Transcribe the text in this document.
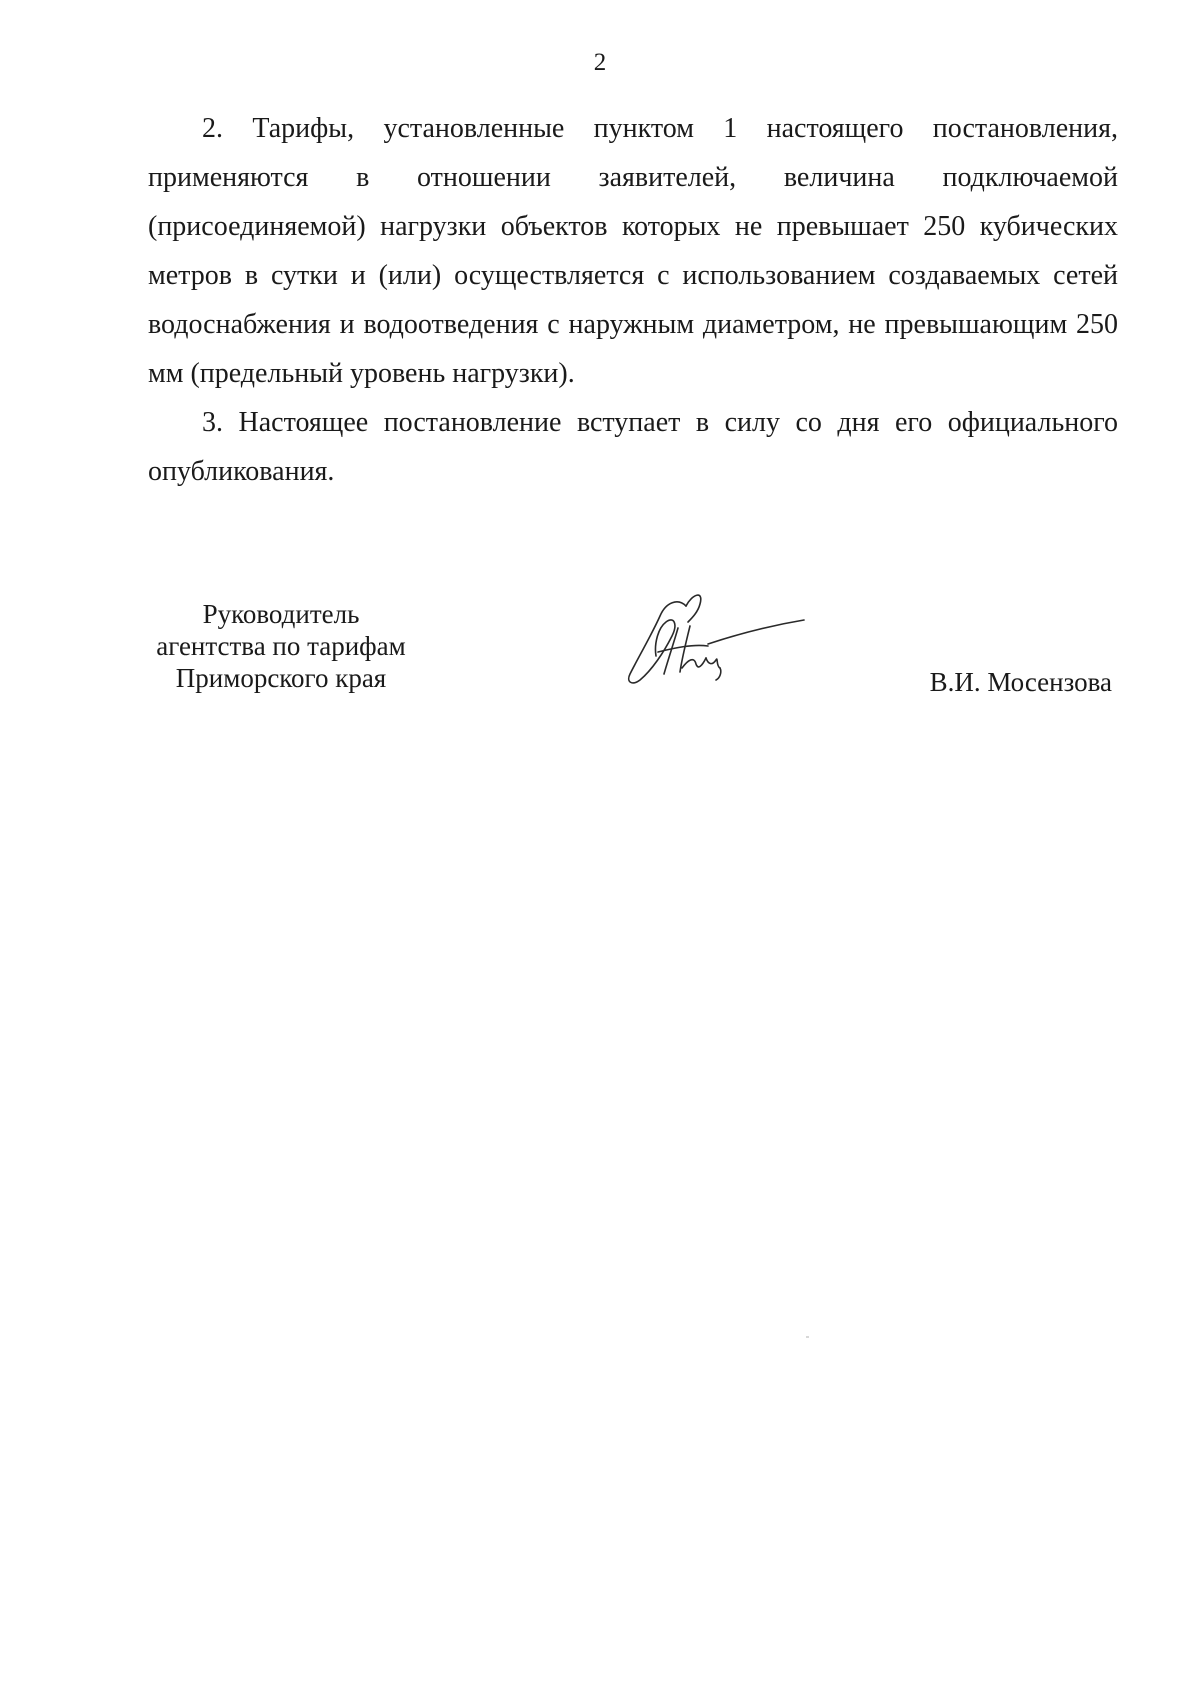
2

2. Тарифы, установленные пунктом 1 настоящего постановления, применяются в отношении заявителей, величина подключаемой (присоединяемой) нагрузки объектов которых не превышает 250 кубических метров в сутки и (или) осуществляется с использованием создаваемых сетей водоснабжения и водоотведения с наружным диаметром, не превышающим 250 мм (предельный уровень нагрузки).

3. Настоящее постановление вступает в силу со дня его официального опубликования.

Руководитель
агентства по тарифам
Приморского края	В.И. Мосензова
